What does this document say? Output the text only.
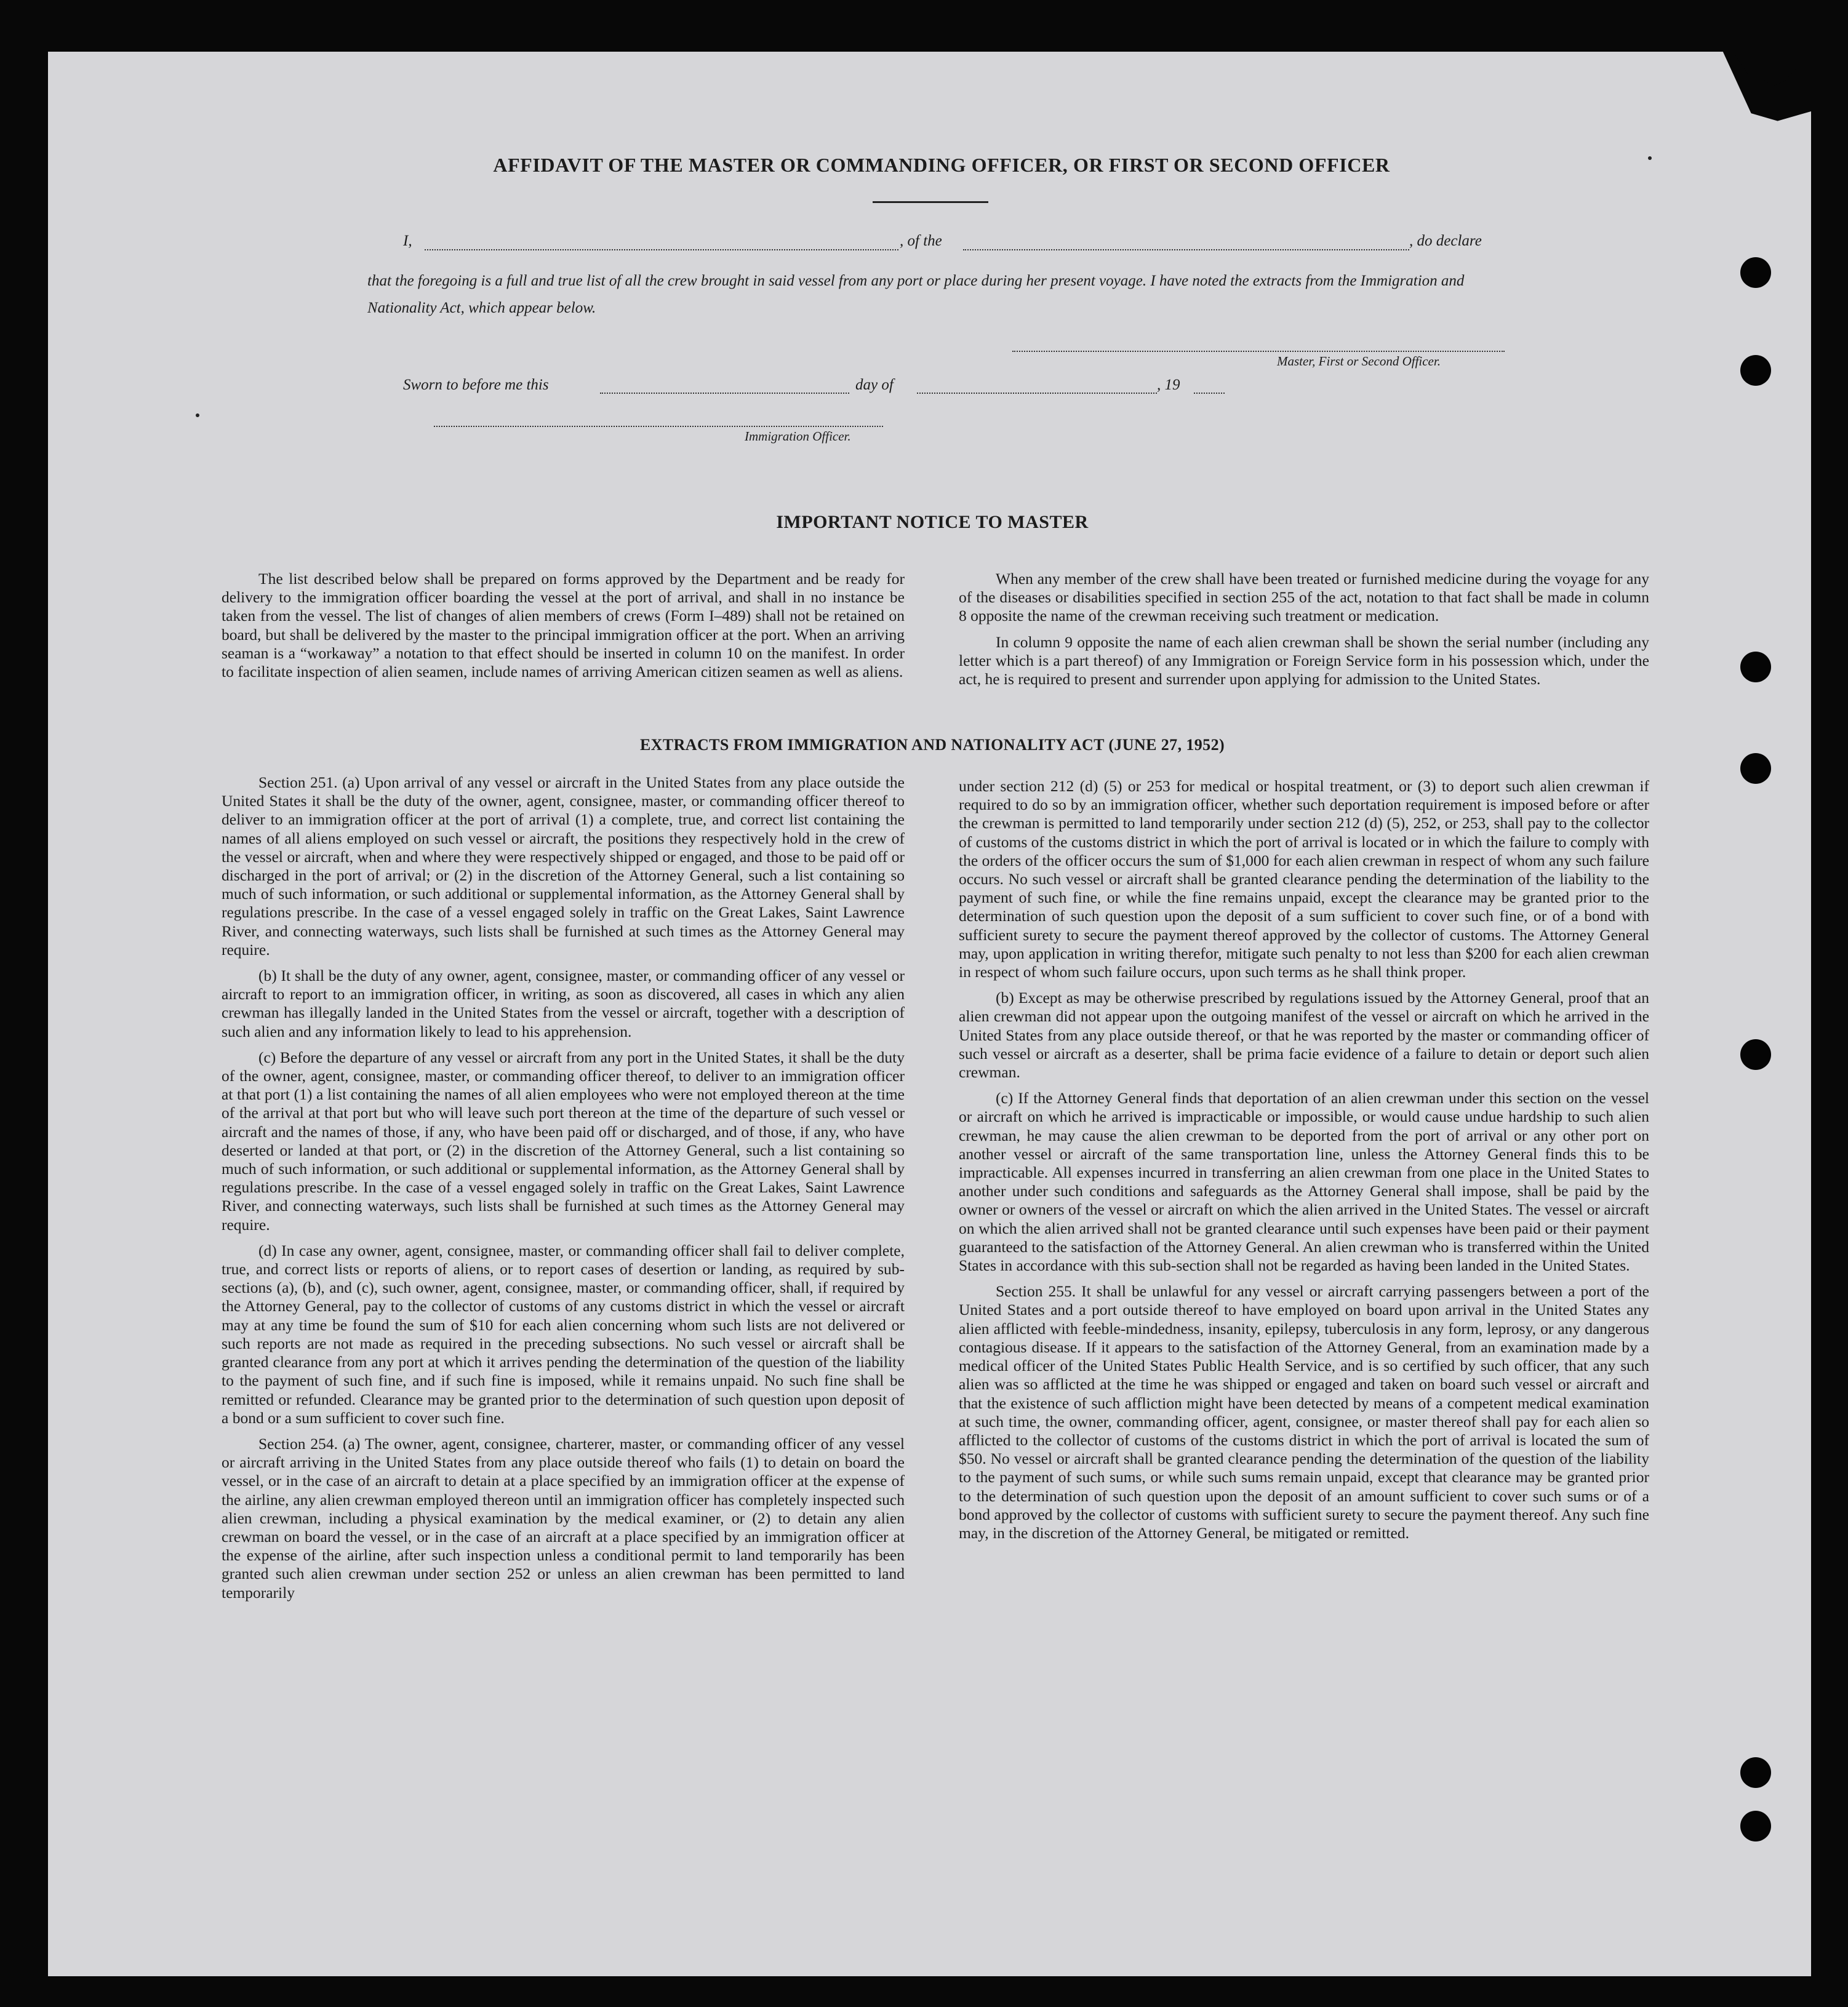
AFFIDAVIT OF THE MASTER OR COMMANDING OFFICER, OR FIRST OR SECOND OFFICER
I,	, of the	, do declare
that the foregoing is a full and true list of all the crew brought in said vessel from any port or place during her present voyage. I have noted the extracts from the Immigration and Nationality Act, which appear below.
Master, First or Second Officer.
Sworn to before me this	day of	, 19
Immigration Officer.
IMPORTANT NOTICE TO MASTER

The list described below shall be prepared on forms approved by the Department and be ready for delivery to the immigration officer boarding the vessel at the port of arrival, and shall in no instance be taken from the vessel. The list of changes of alien members of crews (Form I–489) shall not be retained on board, but shall be delivered by the master to the principal immigration officer at the port. When an arriving seaman is a “workaway” a notation to that effect should be inserted in column 10 on the manifest. In order to facilitate inspection of alien seamen, include names of arriving American citizen seamen as well as aliens.

When any member of the crew shall have been treated or furnished medicine during the voyage for any of the diseases or disabilities specified in section 255 of the act, notation to that fact shall be made in column 8 opposite the name of the crewman receiving such treatment or medication.

In column 9 opposite the name of each alien crewman shall be shown the serial number (including any letter which is a part thereof) of any Immigration or Foreign Service form in his possession which, under the act, he is required to present and surrender upon applying for admission to the United States.

EXTRACTS FROM IMMIGRATION AND NATIONALITY ACT (JUNE 27, 1952)

Section 251. (a) Upon arrival of any vessel or aircraft in the United States from any place outside the United States it shall be the duty of the owner, agent, consignee, master, or commanding officer thereof to deliver to an immigration officer at the port of arrival (1) a complete, true, and correct list containing the names of all aliens employed on such vessel or aircraft, the positions they respectively hold in the crew of the vessel or aircraft, when and where they were respectively shipped or engaged, and those to be paid off or discharged in the port of arrival; or (2) in the discretion of the Attorney General, such a list containing so much of such information, or such additional or supplemental information, as the Attorney General shall by regulations prescribe. In the case of a vessel engaged solely in traffic on the Great Lakes, Saint Lawrence River, and connecting waterways, such lists shall be furnished at such times as the Attorney General may require.

(b) It shall be the duty of any owner, agent, consignee, master, or commanding officer of any vessel or aircraft to report to an immigration officer, in writing, as soon as discovered, all cases in which any alien crewman has illegally landed in the United States from the vessel or aircraft, together with a description of such alien and any information likely to lead to his apprehension.

(c) Before the departure of any vessel or aircraft from any port in the United States, it shall be the duty of the owner, agent, consignee, master, or commanding officer thereof, to deliver to an immigration officer at that port (1) a list containing the names of all alien employees who were not employed thereon at the time of the arrival at that port but who will leave such port thereon at the time of the departure of such vessel or aircraft and the names of those, if any, who have been paid off or discharged, and of those, if any, who have deserted or landed at that port, or (2) in the discretion of the Attorney General, such a list containing so much of such information, or such additional or supplemental information, as the Attorney General shall by regulations prescribe. In the case of a vessel engaged solely in traffic on the Great Lakes, Saint Lawrence River, and connecting waterways, such lists shall be furnished at such times as the Attorney General may require.

(d) In case any owner, agent, consignee, master, or commanding officer shall fail to deliver complete, true, and correct lists or reports of aliens, or to report cases of desertion or landing, as required by sub-sections (a), (b), and (c), such owner, agent, consignee, master, or commanding officer, shall, if required by the Attorney General, pay to the collector of customs of any customs district in which the vessel or aircraft may at any time be found the sum of $10 for each alien concerning whom such lists are not delivered or such reports are not made as required in the preceding subsections. No such vessel or aircraft shall be granted clearance from any port at which it arrives pending the determination of the question of the liability to the payment of such fine, and if such fine is imposed, while it remains unpaid. No such fine shall be remitted or refunded. Clearance may be granted prior to the determination of such question upon deposit of a bond or a sum sufficient to cover such fine.

Section 254. (a) The owner, agent, consignee, charterer, master, or commanding officer of any vessel or aircraft arriving in the United States from any place outside thereof who fails (1) to detain on board the vessel, or in the case of an aircraft to detain at a place specified by an immigration officer at the expense of the airline, any alien crewman employed thereon until an immigration officer has completely inspected such alien crewman, including a physical examination by the medical examiner, or (2) to detain any alien crewman on board the vessel, or in the case of an aircraft at a place specified by an immigration officer at the expense of the airline, after such inspection unless a conditional permit to land temporarily has been granted such alien crewman under section 252 or unless an alien crewman has been permitted to land temporarily

under section 212 (d) (5) or 253 for medical or hospital treatment, or (3) to deport such alien crewman if required to do so by an immigration officer, whether such deportation requirement is imposed before or after the crewman is permitted to land temporarily under section 212 (d) (5), 252, or 253, shall pay to the collector of customs of the customs district in which the port of arrival is located or in which the failure to comply with the orders of the officer occurs the sum of $1,000 for each alien crewman in respect of whom any such failure occurs. No such vessel or aircraft shall be granted clearance pending the determination of the liability to the payment of such fine, or while the fine remains unpaid, except the clearance may be granted prior to the determination of such question upon the deposit of a sum sufficient to cover such fine, or of a bond with sufficient surety to secure the payment thereof approved by the collector of customs. The Attorney General may, upon application in writing therefor, mitigate such penalty to not less than $200 for each alien crewman in respect of whom such failure occurs, upon such terms as he shall think proper.

(b) Except as may be otherwise prescribed by regulations issued by the Attorney General, proof that an alien crewman did not appear upon the outgoing manifest of the vessel or aircraft on which he arrived in the United States from any place outside thereof, or that he was reported by the master or commanding officer of such vessel or aircraft as a deserter, shall be prima facie evidence of a failure to detain or deport such alien crewman.

(c) If the Attorney General finds that deportation of an alien crewman under this section on the vessel or aircraft on which he arrived is impracticable or impossible, or would cause undue hardship to such alien crewman, he may cause the alien crewman to be deported from the port of arrival or any other port on another vessel or aircraft of the same transportation line, unless the Attorney General finds this to be impracticable. All expenses incurred in transferring an alien crewman from one place in the United States to another under such conditions and safeguards as the Attorney General shall impose, shall be paid by the owner or owners of the vessel or aircraft on which the alien arrived in the United States. The vessel or aircraft on which the alien arrived shall not be granted clearance until such expenses have been paid or their payment guaranteed to the satisfaction of the Attorney General. An alien crewman who is transferred within the United States in accordance with this sub-section shall not be regarded as having been landed in the United States.

Section 255. It shall be unlawful for any vessel or aircraft carrying passengers between a port of the United States and a port outside thereof to have employed on board upon arrival in the United States any alien afflicted with feeble-mindedness, insanity, epilepsy, tuberculosis in any form, leprosy, or any dangerous contagious disease. If it appears to the satisfaction of the Attorney General, from an examination made by a medical officer of the United States Public Health Service, and is so certified by such officer, that any such alien was so afflicted at the time he was shipped or engaged and taken on board such vessel or aircraft and that the existence of such affliction might have been detected by means of a competent medical examination at such time, the owner, commanding officer, agent, consignee, or master thereof shall pay for each alien so afflicted to the collector of customs of the customs district in which the port of arrival is located the sum of $50. No vessel or aircraft shall be granted clearance pending the determination of the question of the liability to the payment of such sums, or while such sums remain unpaid, except that clearance may be granted prior to the determination of such question upon the deposit of an amount sufficient to cover such sums or of a bond approved by the collector of customs with sufficient surety to secure the payment thereof. Any such fine may, in the discretion of the Attorney General, be mitigated or remitted.
